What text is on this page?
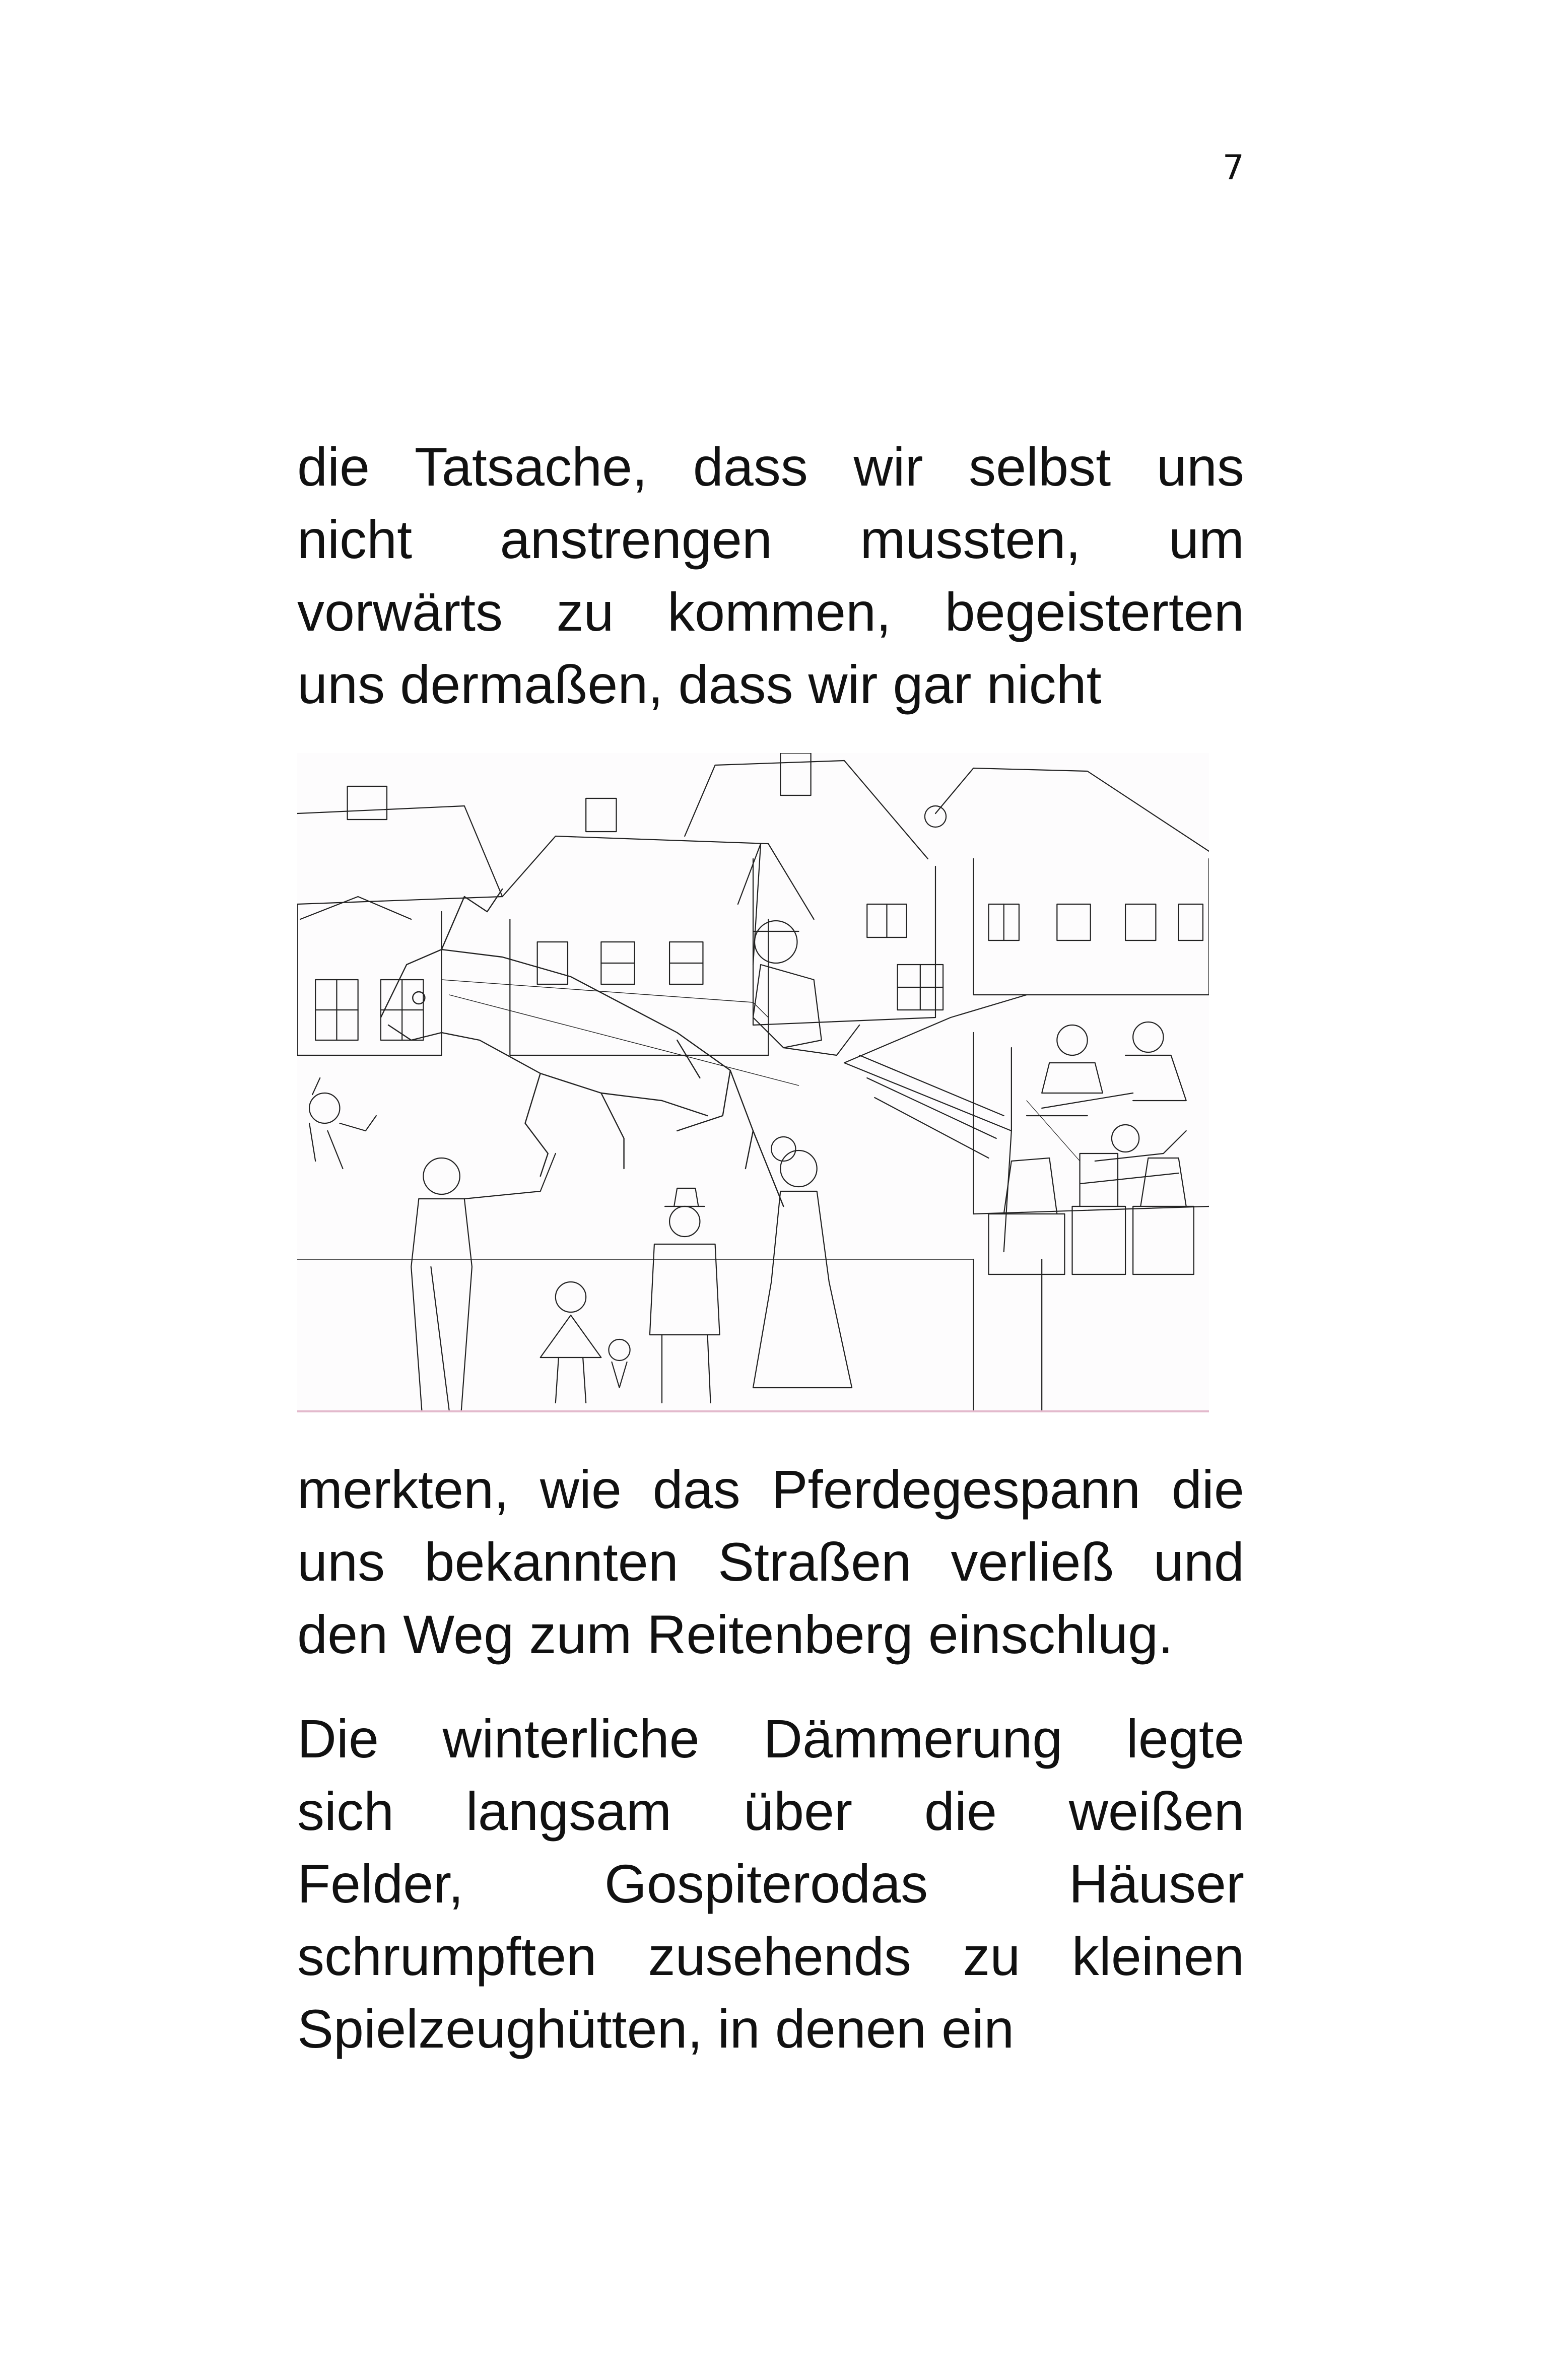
7
die Tatsache, dass wir selbst uns
nicht anstrengen mussten, um
vorwärts zu kommen, begeisterten
uns dermaßen, dass wir gar nicht
merkten, wie das Pferdegespann die
uns bekannten Straßen verließ und
den Weg zum Reitenberg einschlug.
Die winterliche Dämmerung legte
sich langsam über die weißen
Felder, Gospiterodas Häuser
schrumpften zusehends zu kleinen
Spielzeughütten, in denen ein
